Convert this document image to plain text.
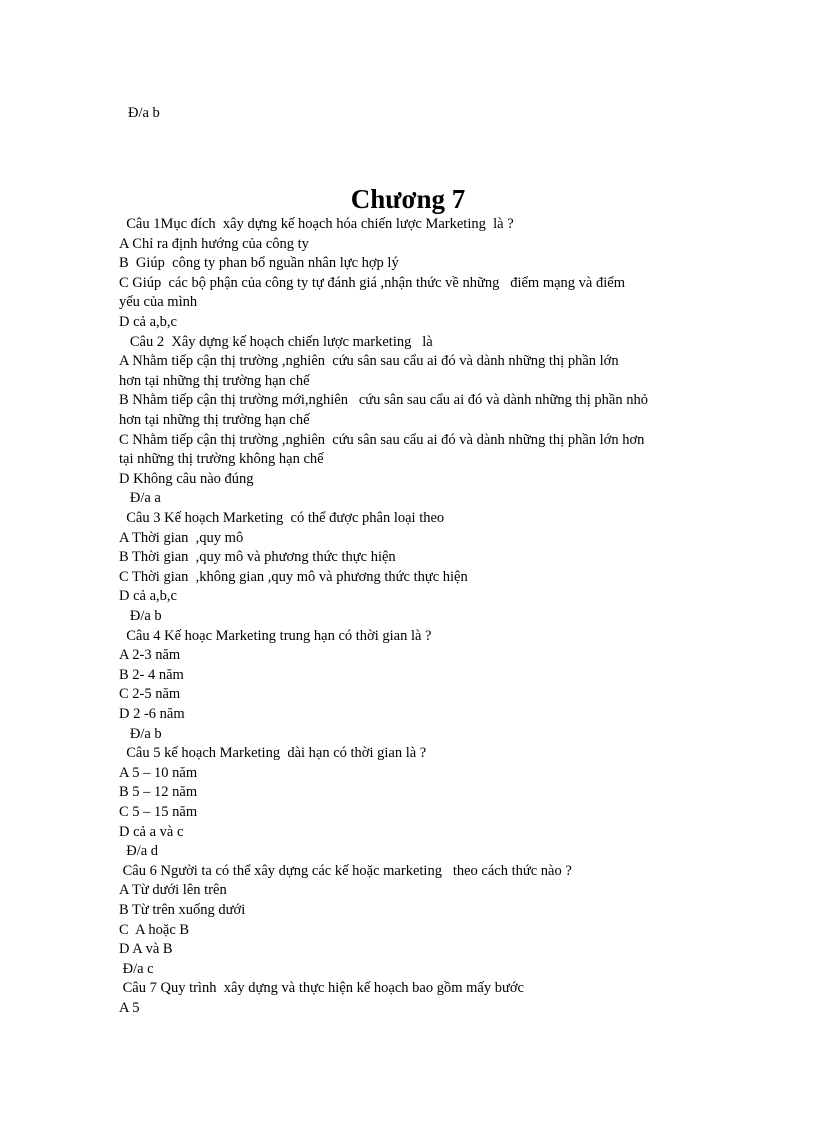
Đ/a b
Chương 7
Câu 1Mục đích  xây dựng kế hoạch hóa chiến lược Marketing  là ?
A Chỉ ra định hướng của công ty
B  Giúp  công ty phan bổ nguần nhân lực hợp lý
C Giúp  các bộ phận của công ty tự đánh giá ,nhận thức về những   điểm mạng và điểm
yếu của mình
D cả a,b,c
Câu 2  Xây dựng kế hoạch chiến lược marketing   là
A Nhằm tiếp cận thị trường ,nghiên  cứu sân sau cẩu ai đó và dành những thị phần lớn
hơn tại những thị trường hạn chế
B Nhằm tiếp cận thị trường mới,nghiên   cứu sân sau cẩu ai đó và dành những thị phần nhỏ
hơn tại những thị trường hạn chế
C Nhằm tiếp cận thị trường ,nghiên  cứu sân sau cẩu ai đó và dành những thị phần lớn hơn
tại những thị trường không hạn chế
D Không câu nào đúng
Đ/a a
Câu 3 Kế hoạch Marketing  có thể được phân loại theo
A Thời gian  ,quy mô
B Thời gian  ,quy mô và phương thức thực hiện
C Thời gian  ,không gian ,quy mô và phương thức thực hiện
D cả a,b,c
Đ/a b
Câu 4 Kế hoạc Marketing trung hạn có thời gian là ?
A 2-3 năm
B 2- 4 năm
C 2-5 năm
D 2 -6 năm
Đ/a b
Câu 5 kế hoạch Marketing  dài hạn có thời gian là ?
A 5 – 10 năm
B 5 – 12 năm
C 5 – 15 năm
D cả a và c
Đ/a d
Câu 6 Người ta có thể xây dựng các kế hoặc marketing   theo cách thức nào ?
A Từ dưới lên trên
B Từ trên xuống dưới
C  A hoặc B
D A và B
Đ/a c
Câu 7 Quy trình  xây dựng và thực hiện kế hoạch bao gồm mấy bước
A 5
